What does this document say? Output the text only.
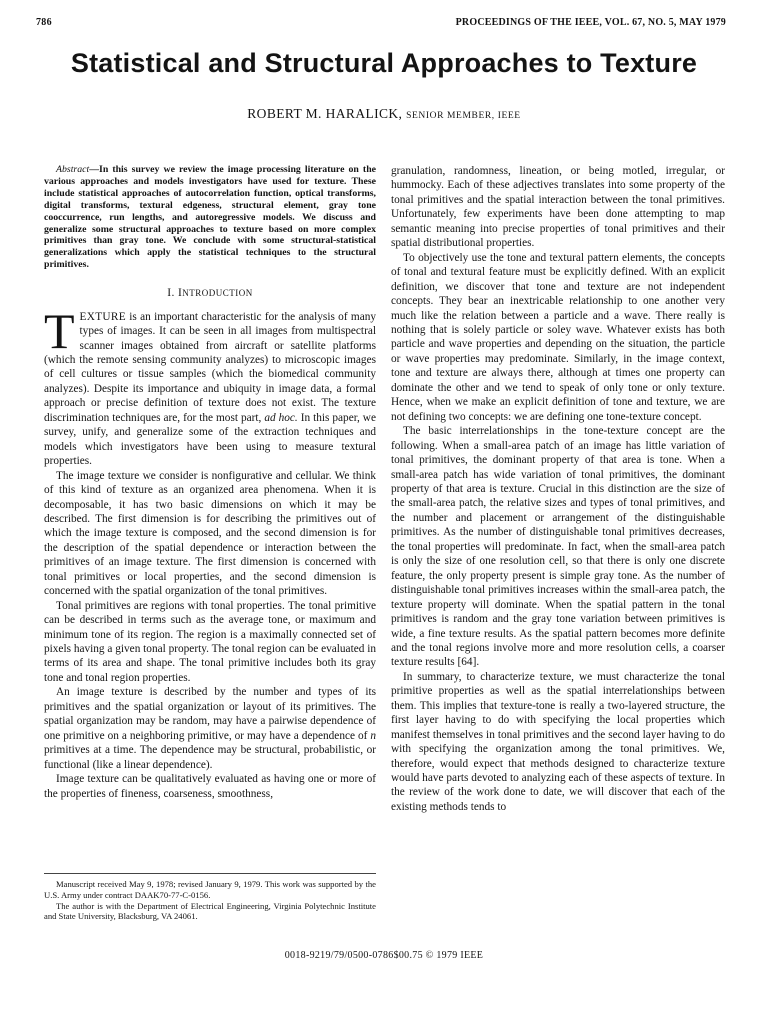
786	PROCEEDINGS OF THE IEEE, VOL. 67, NO. 5, MAY 1979
Statistical and Structural Approaches to Texture
ROBERT M. HARALICK, SENIOR MEMBER, IEEE

Abstract—In this survey we review the image processing literature on the various approaches and models investigators have used for texture. These include statistical approaches of autocorrelation function, optical transforms, digital transforms, textural edgeness, structural element, gray tone cooccurrence, run lengths, and autoregressive models. We discuss and generalize some structural approaches to texture based on more complex primitives than gray tone. We conclude with some structural-statistical generalizations which apply the statistical techniques to the structural primitives.

I. INTRODUCTION

TEXTURE is an important characteristic for the analysis of many types of images. It can be seen in all images from multispectral scanner images obtained from aircraft or satellite platforms (which the remote sensing community analyzes) to microscopic images of cell cultures or tissue samples (which the biomedical community analyzes). Despite its importance and ubiquity in image data, a formal approach or precise definition of texture does not exist. The texture discrimination techniques are, for the most part, ad hoc. In this paper, we survey, unify, and generalize some of the extraction techniques and models which investigators have been using to measure textural properties.

The image texture we consider is nonfigurative and cellular. We think of this kind of texture as an organized area phenomena. When it is decomposable, it has two basic dimensions on which it may be described. The first dimension is for describing the primitives out of which the image texture is composed, and the second dimension is for the description of the spatial dependence or interaction between the primitives of an image texture. The first dimension is concerned with tonal primitives or local properties, and the second dimension is concerned with the spatial organization of the tonal primitives.

Tonal primitives are regions with tonal properties. The tonal primitive can be described in terms such as the average tone, or maximum and minimum tone of its region. The region is a maximally connected set of pixels having a given tonal property. The tonal region can be evaluated in terms of its area and shape. The tonal primitive includes both its gray tone and tonal region properties.

An image texture is described by the number and types of its primitives and the spatial organization or layout of its primitives. The spatial organization may be random, may have a pairwise dependence of one primitive on a neighboring primitive, or may have a dependence of n primitives at a time. The dependence may be structural, probabilistic, or functional (like a linear dependence).

Image texture can be qualitatively evaluated as having one or more of the properties of fineness, coarseness, smoothness,

granulation, randomness, lineation, or being motled, irregular, or hummocky. Each of these adjectives translates into some property of the tonal primitives and the spatial interaction between the tonal primitives. Unfortunately, few experiments have been done attempting to map semantic meaning into precise properties of tonal primitives and their spatial distributional properties.

To objectively use the tone and textural pattern elements, the concepts of tonal and textural feature must be explicitly defined. With an explicit definition, we discover that tone and texture are not independent concepts. They bear an inextricable relationship to one another very much like the relation between a particle and a wave. There really is nothing that is solely particle or soley wave. Whatever exists has both particle and wave properties and depending on the situation, the particle or wave properties may predominate. Similarly, in the image context, tone and texture are always there, although at times one property can dominate the other and we tend to speak of only tone or only texture. Hence, when we make an explicit definition of tone and texture, we are not defining two concepts: we are defining one tone-texture concept.

The basic interrelationships in the tone-texture concept are the following. When a small-area patch of an image has little variation of tonal primitives, the dominant property of that area is tone. When a small-area patch has wide variation of tonal primitives, the dominant property of that area is texture. Crucial in this distinction are the size of the small-area patch, the relative sizes and types of tonal primitives, and the number and placement or arrangement of the distinguishable primitives. As the number of distinguishable tonal primitives decreases, the tonal properties will predominate. In fact, when the small-area patch is only the size of one resolution cell, so that there is only one discrete feature, the only property present is simple gray tone. As the number of distinguishable tonal primitives increases within the small-area patch, the texture property will dominate. When the spatial pattern in the tonal primitives is random and the gray tone variation between primitives is wide, a fine texture results. As the spatial pattern becomes more definite and the tonal regions involve more and more resolution cells, a coarser texture results [64].

In summary, to characterize texture, we must characterize the tonal primitive properties as well as the spatial interrelationships between them. This implies that texture-tone is really a two-layered structure, the first layer having to do with specifying the local properties which manifest themselves in tonal primitives and the second layer having to do with specifying the organization among the tonal primitives. We, therefore, would expect that methods designed to characterize texture would have parts devoted to analyzing each of these aspects of texture. In the review of the work done to date, we will discover that each of the existing methods tends to

Manuscript received May 9, 1978; revised January 9, 1979. This work was supported by the U.S. Army under contract DAAK70-77-C-0156.

The author is with the Department of Electrical Engineering, Virginia Polytechnic Institute and State University, Blacksburg, VA 24061.

0018-9219/79/0500-0786$00.75 © 1979 IEEE
